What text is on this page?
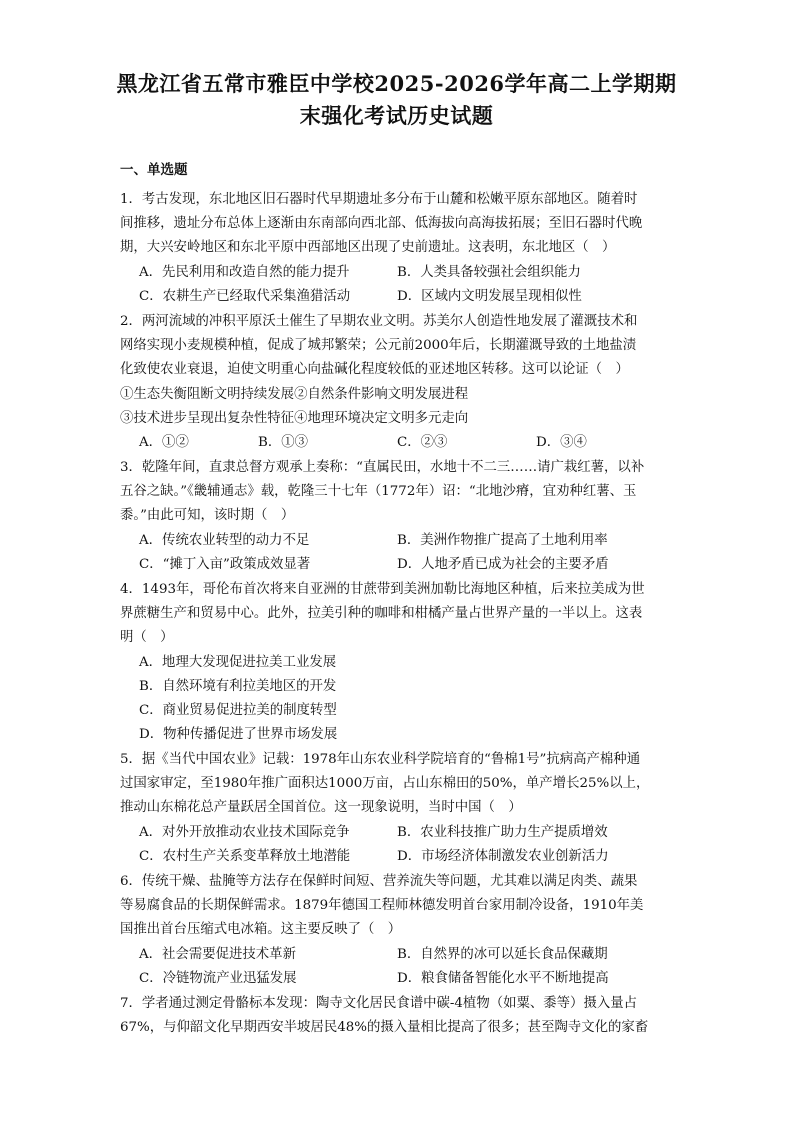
黑龙江省五常市雅臣中学校2025-2026学年高二上学期期
末强化考试历史试题
一、单选题
1．考古发现，东北地区旧石器时代早期遗址多分布于山麓和松嫩平原东部地区。随着时
间推移，遗址分布总体上逐渐由东南部向西北部、低海拔向高海拔拓展；至旧石器时代晚
期，大兴安岭地区和东北平原中西部地区出现了史前遗址。这表明，东北地区（　）
A．先民利用和改造自然的能力提升	B．人类具备较强社会组织能力
C．农耕生产已经取代采集渔猎活动	D．区域内文明发展呈现相似性
2．两河流域的冲积平原沃土催生了早期农业文明。苏美尔人创造性地发展了灌溉技术和
网络实现小麦规模种植，促成了城邦繁荣；公元前2000年后，长期灌溉导致的土地盐渍
化致使农业衰退，迫使文明重心向盐碱化程度较低的亚述地区转移。这可以论证（　）
①生态失衡阻断文明持续发展②自然条件影响文明发展进程
③技术进步呈现出复杂性特征④地理环境决定文明多元走向
A．①②	B．①③	C．②③	D．③④
3．乾隆年间，直隶总督方观承上奏称：“直属民田，水地十不二三……请广栽红薯，以补
五谷之缺。”《畿辅通志》载，乾隆三十七年（1772年）诏：“北地沙瘠，宜劝种红薯、玉
黍。”由此可知，该时期（　）
A．传统农业转型的动力不足	B．美洲作物推广提高了土地利用率
C．“摊丁入亩”政策成效显著	D．人地矛盾已成为社会的主要矛盾
4．1493年，哥伦布首次将来自亚洲的甘蔗带到美洲加勒比海地区种植，后来拉美成为世
界蔗糖生产和贸易中心。此外，拉美引种的咖啡和柑橘产量占世界产量的一半以上。这表
明（　）
A．地理大发现促进拉美工业发展
B．自然环境有利拉美地区的开发
C．商业贸易促进拉美的制度转型
D．物种传播促进了世界市场发展
5．据《当代中国农业》记载：1978年山东农业科学院培育的“鲁棉1号”抗病高产棉种通
过国家审定，至1980年推广面积达1000万亩，占山东棉田的50%，单产增长25%以上，
推动山东棉花总产量跃居全国首位。这一现象说明，当时中国（　）
A．对外开放推动农业技术国际竞争	B．农业科技推广助力生产提质增效
C．农村生产关系变革释放土地潜能	D．市场经济体制激发农业创新活力
6．传统干燥、盐腌等方法存在保鲜时间短、营养流失等问题，尤其难以满足肉类、蔬果
等易腐食品的长期保鲜需求。1879年德国工程师林德发明首台家用制冷设备，1910年美
国推出首台压缩式电冰箱。这主要反映了（　）
A．社会需要促进技术革新	B．自然界的冰可以延长食品保藏期
C．冷链物流产业迅猛发展	D．粮食储备智能化水平不断地提高
7．学者通过测定骨骼标本发现：陶寺文化居民食谱中碳-4植物（如粟、黍等）摄入量占
67%，与仰韶文化早期西安半坡居民48%的摄入量相比提高了很多；甚至陶寺文化的家畜
